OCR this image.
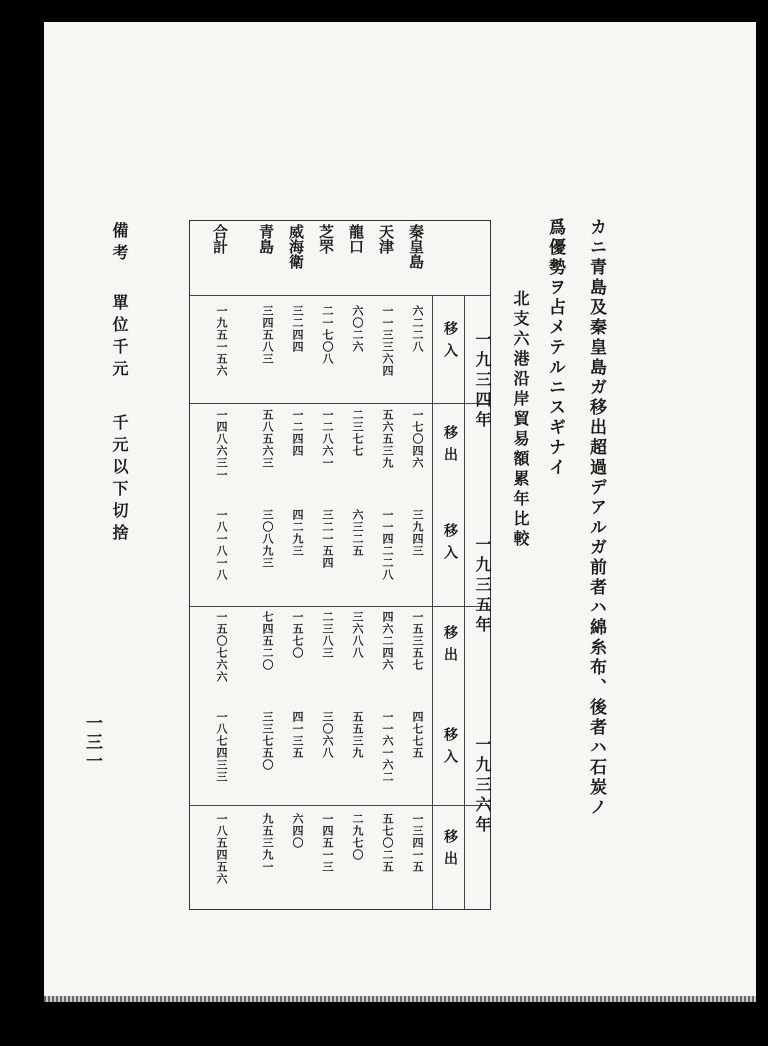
カニ青島及秦皇島ガ移出超過デアルガ前者ハ綿糸布、後者ハ石炭ノ
爲優勢ヲ占メテルニスギナイ
北支六港沿岸貿易額累年比較
備考
單位千元
千元以下切捨
一三一
秦皇島
天津
龍口
芝罘
威海衛
青島
合計
一九三四年
一九三五年
一九三六年
移入
移出
移入
移出
移入
移出
六二二八
一七〇四六
三九四三
一五三五七
四七七五
一三四一五
一一三三六四
五六五三九
一一四二二八
四六二四六
一一六一六二
五七〇二五
六〇二六
二三七七
六三二五
三六八八
五五三九
二九七〇
二一七〇八
一二八六一
三二一五四
二三八三
三〇六八
一四五一三
三二四四
一二四四
四二九三
一五七〇
四一三五
六四〇
三四五八三
五八五六三
三〇八九三
七四五二〇
三三七五〇
九五三九一
一九五一五六
一四八六三一
一八一八一八
一五〇七六六
一八七四三三
一八五四五六
